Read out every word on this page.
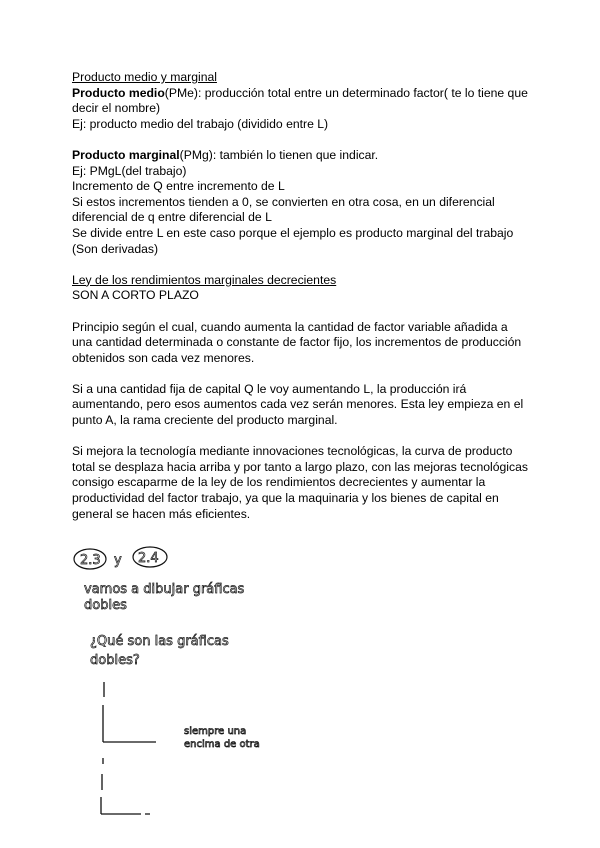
Producto medio y marginal
Producto medio(PMe): producción total entre un determinado factor( te lo tiene que
decir el nombre)
Ej: producto medio del trabajo (dividido entre L)
Producto marginal(PMg): también lo tienen que indicar.
Ej: PMgL(del trabajo)
Incremento de Q entre incremento de L
Si estos incrementos tienden a 0, se convierten en otra cosa, en un diferencial
diferencial de q entre diferencial de L
Se divide entre L en este caso porque el ejemplo es producto marginal del trabajo
(Son derivadas)
Ley de los rendimientos marginales decrecientes
SON A CORTO PLAZO
Principio según el cual, cuando aumenta la cantidad de factor variable añadida a
una cantidad determinada o constante de factor fijo, los incrementos de producción
obtenidos son cada vez menores.
Si a una cantidad fija de capital Q le voy aumentando L, la producción irá
aumentando, pero esos aumentos cada vez serán menores. Esta ley empieza en el
punto A, la rama creciente del producto marginal.
Si mejora la tecnología mediante innovaciones tecnológicas, la curva de producto
total se desplaza hacia arriba y por tanto a largo plazo, con las mejoras tecnológicas
consigo escaparme de la ley de los rendimientos decrecientes y aumentar la
productividad del factor trabajo, ya que la maquinaria y los bienes de capital en
general se hacen más eficientes.
2.3 y 2.4
vamos a dibujar gráficas
dobles
¿Qué son las gráficas
dobles?
siempre una
encima de otra
